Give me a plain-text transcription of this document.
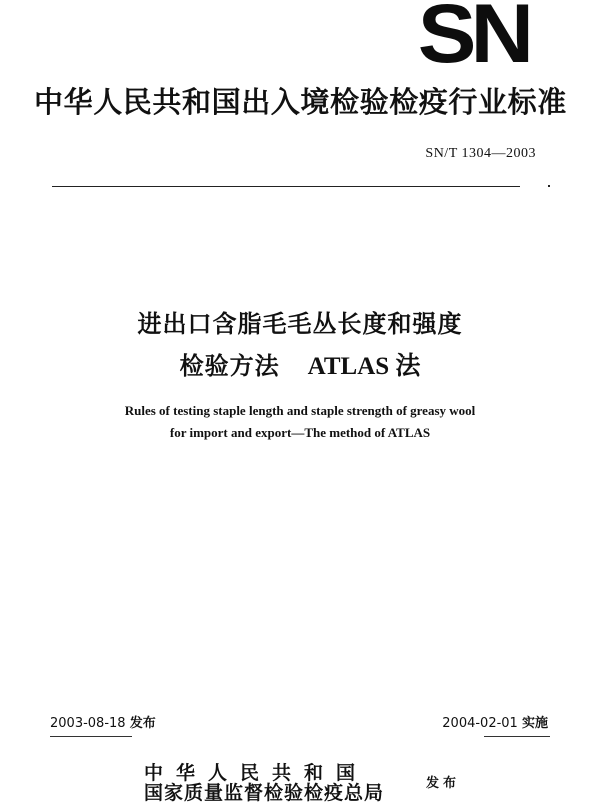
SN
中华人民共和国出入境检验检疫行业标准
SN/T 1304—2003
进出口含脂毛毛丛长度和强度
检验方法 ATLAS 法
Rules of testing staple length and staple strength of greasy wool
for import and export—The method of ATLAS
2003-08-18 发布	2004-02-01 实施
中华人民共和国
国家质量监督检验检疫总局	发布
